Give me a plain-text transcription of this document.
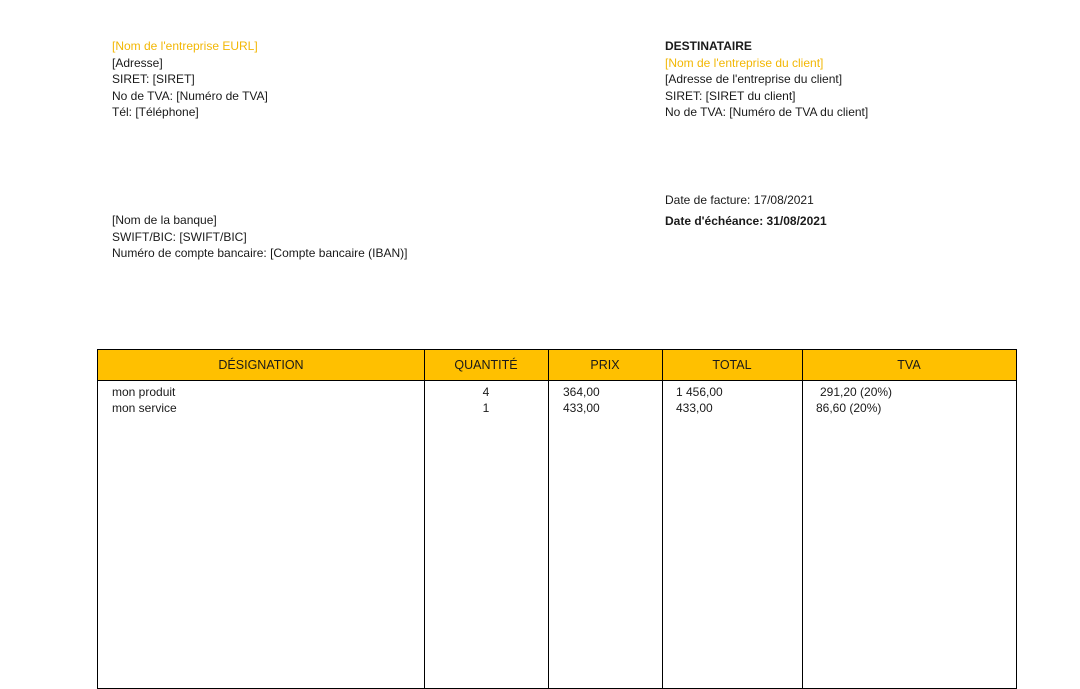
[Nom de l'entreprise EURL]
[Adresse]
SIRET: [SIRET]
No de TVA: [Numéro de TVA]
Tél: [Téléphone]
DESTINATAIRE
[Nom de l'entreprise du client]
[Adresse de l'entreprise du client]
SIRET: [SIRET du client]
No de TVA: [Numéro de TVA du client]
[Nom de la banque]
SWIFT/BIC: [SWIFT/BIC]
Numéro de compte bancaire: [Compte bancaire (IBAN)]
Date de facture: 17/08/2021
Date d'échéance: 31/08/2021
DÉSIGNATION	QUANTITÉ	PRIX	TOTAL	TVA
mon produit	4	364,00	1 456,00	291,20 (20%)
mon service	1	433,00	433,00	86,60 (20%)
